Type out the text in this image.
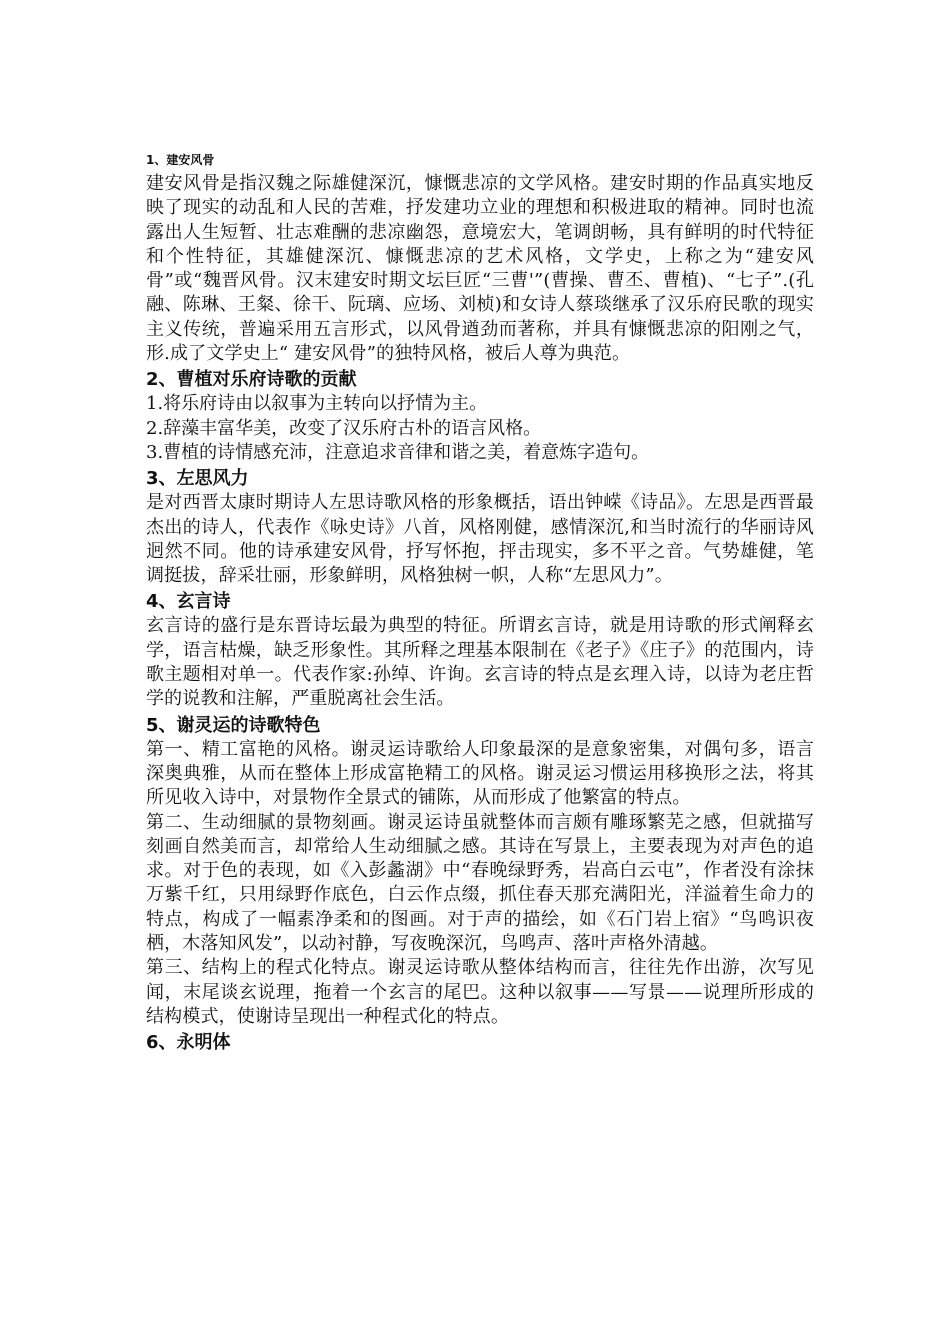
1、建安风骨
建安风骨是指汉魏之际雄健深沉，慷慨悲凉的文学风格。建安时期的作品真实地反映了现实的动乱和人民的苦难，抒发建功立业的理想和积极进取的精神。同时也流露出人生短暂、壮志难酬的悲凉幽怨，意境宏大，笔调朗畅，具有鲜明的时代特征和个性特征，其雄健深沉、慷慨悲凉的艺术风格，文学史，上称之为“建安风骨”或“魏晋风骨。汉末建安时期文坛巨匠“三曹'”(曹操、曹丕、曹植)、“七子”.(孔融、陈琳、王粲、徐干、阮璃、应场、刘桢)和女诗人蔡琰继承了汉乐府民歌的现实主义传统，普遍采用五言形式，以风骨遒劲而著称，并具有慷慨悲凉的阳刚之气，形.成了文学史上“ 建安风骨”的独特风格，被后人尊为典范。
2、曹植对乐府诗歌的贡献
1.将乐府诗由以叙事为主转向以抒情为主。
2.辞藻丰富华美，改变了汉乐府古朴的语言风格。
3.曹植的诗情感充沛，注意追求音律和谐之美，着意炼字造句。
3、左思风力
是对西晋太康时期诗人左思诗歌风格的形象概括，语出钟嵘《诗品》。左思是西晋最杰出的诗人，代表作《咏史诗》八首，风格刚健，感情深沉,和当时流行的华丽诗风迥然不同。他的诗承建安风骨，抒写怀抱，抨击现实，多不平之音。气势雄健，笔调挺拔，辞采壮丽，形象鲜明，风格独树一帜，人称“左思风力”。
4、玄言诗
玄言诗的盛行是东晋诗坛最为典型的特征。所谓玄言诗，就是用诗歌的形式阐释玄学，语言枯燥，缺乏形象性。其所释之理基本限制在《老子》《庄子》的范围内，诗歌主题相对单一。代表作家:孙绰、许询。玄言诗的特点是玄理入诗，以诗为老庄哲学的说教和注解，严重脱离社会生活。
5、谢灵运的诗歌特色
第一、精工富艳的风格。谢灵运诗歌给人印象最深的是意象密集，对偶句多，语言深奥典雅，从而在整体上形成富艳精工的风格。谢灵运习惯运用移换形之法，将其所见收入诗中，对景物作全景式的铺陈，从而形成了他繁富的特点。
第二、生动细腻的景物刻画。谢灵运诗虽就整体而言颇有雕琢繁芜之感，但就描写刻画自然美而言，却常给人生动细腻之感。其诗在写景上，主要表现为对声色的追求。对于色的表现，如《入彭蠡湖》中“春晚绿野秀，岩高白云屯”，作者没有涂抹万紫千红，只用绿野作底色，白云作点缀，抓住春天那充满阳光，洋溢着生命力的特点，构成了一幅素净柔和的图画。对于声的描绘，如《石门岩上宿》“鸟鸣识夜栖，木落知风发”，以动衬静，写夜晚深沉，鸟鸣声、落叶声格外清越。
第三、结构上的程式化特点。谢灵运诗歌从整体结构而言，往往先作出游，次写见闻，末尾谈玄说理，拖着一个玄言的尾巴。这种以叙事——写景——说理所形成的结构模式，使谢诗呈现出一种程式化的特点。
6、永明体
